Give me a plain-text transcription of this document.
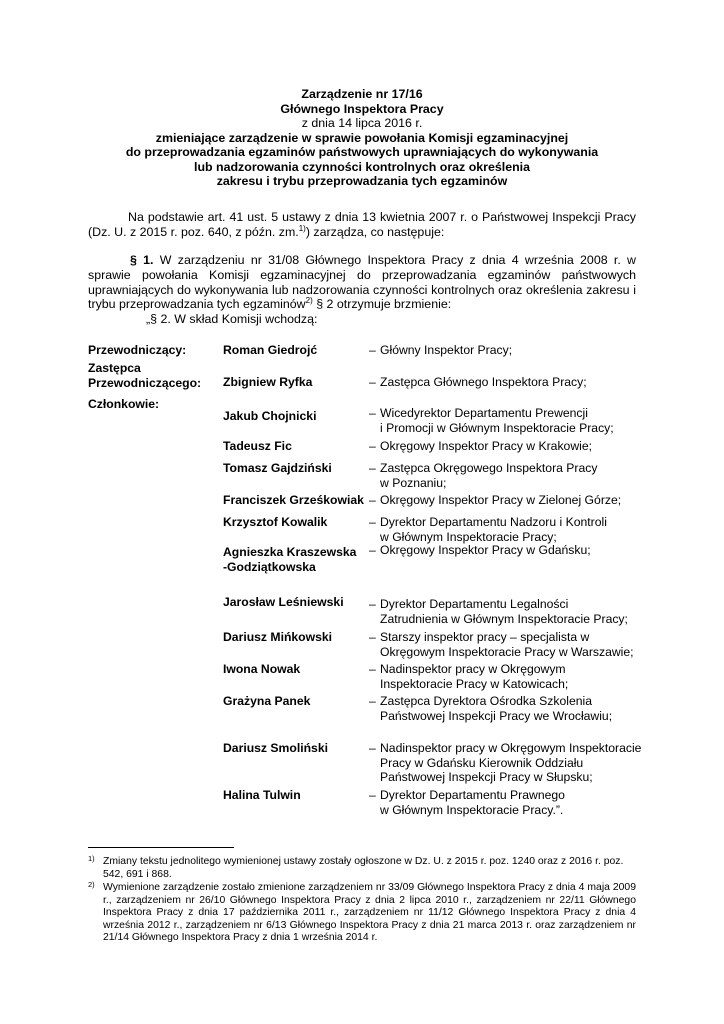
Zarządzenie nr 17/16
Głównego Inspektora Pracy
z dnia 14 lipca 2016 r.
zmieniające zarządzenie w sprawie powołania Komisji egzaminacyjnej
do przeprowadzania egzaminów państwowych uprawniających do wykonywania
lub nadzorowania czynności kontrolnych oraz określenia
zakresu i trybu przeprowadzania tych egzaminów
Na podstawie art. 41 ust. 5 ustawy z dnia 13 kwietnia 2007 r. o Państwowej Inspekcji Pracy (Dz. U. z 2015 r. poz. 640, z późn. zm.$^{1)}$) zarządza, co następuje:
§ 1. W zarządzeniu nr 31/08 Głównego Inspektora Pracy z dnia 4 września 2008 r. w sprawie powołania Komisji egzaminacyjnej do przeprowadzania egzaminów państwowych uprawniających do wykonywania lub nadzorowania czynności kontrolnych oraz określenia zakresu i trybu przeprowadzania tych egzaminów$^{2)}$ § 2 otrzymuje brzmienie:
„§ 2. W skład Komisji wchodzą:
Przewodniczący:
Zastępca
Przewodniczącego:
Członkowie:
Roman Giedrojć
Zbigniew Ryfka
Jakub Chojnicki
Tadeusz Fic
Tomasz Gajdziński
Franciszek Grześkowiak
Krzysztof Kowalik
Agnieszka Kraszewska
-Godziątkowska
Jarosław Leśniewski
Dariusz Mińkowski
Iwona Nowak
Grażyna Panek
Dariusz Smoliński
Halina Tulwin
– Główny Inspektor Pracy;
– Zastępca Głównego Inspektora Pracy;
– Wicedyrektor Departamentu Prewencji
i Promocji w Głównym Inspektoracie Pracy;
– Okręgowy Inspektor Pracy w Krakowie;
– Zastępca Okręgowego Inspektora Pracy
w Poznaniu;
– Okręgowy Inspektor Pracy w Zielonej Górze;
– Dyrektor Departamentu Nadzoru i Kontroli
w Głównym Inspektoracie Pracy;
– Okręgowy Inspektor Pracy w Gdańsku;
– Dyrektor Departamentu Legalności
Zatrudnienia w Głównym Inspektoracie Pracy;
– Starszy inspektor pracy – specjalista w
Okręgowym Inspektoracie Pracy w Warszawie;
– Nadinspektor pracy w Okręgowym
Inspektoracie Pracy w Katowicach;
– Zastępca Dyrektora Ośrodka Szkolenia
Państwowej Inspekcji Pracy we Wrocławiu;
– Nadinspektor pracy w Okręgowym Inspektoracie
Pracy w Gdańsku Kierownik Oddziału
Państwowej Inspekcji Pracy w Słupsku;
– Dyrektor Departamentu Prawnego
w Głównym Inspektoracie Pracy.”.
1) Zmiany tekstu jednolitego wymienionej ustawy zostały ogłoszone w Dz. U. z 2015 r. poz. 1240 oraz z 2016 r. poz. 542, 691 i 868.
2) Wymienione zarządzenie zostało zmienione zarządzeniem nr 33/09 Głównego Inspektora Pracy z dnia 4 maja 2009 r., zarządzeniem nr 26/10 Głównego Inspektora Pracy z dnia 2 lipca 2010 r., zarządzeniem nr 22/11 Głównego Inspektora Pracy z dnia 17 października 2011 r., zarządzeniem nr 11/12 Głównego Inspektora Pracy z dnia 4 września 2012 r., zarządzeniem nr 6/13 Głównego Inspektora Pracy z dnia 21 marca 2013 r. oraz zarządzeniem nr 21/14 Głównego Inspektora Pracy z dnia 1 września 2014 r.
